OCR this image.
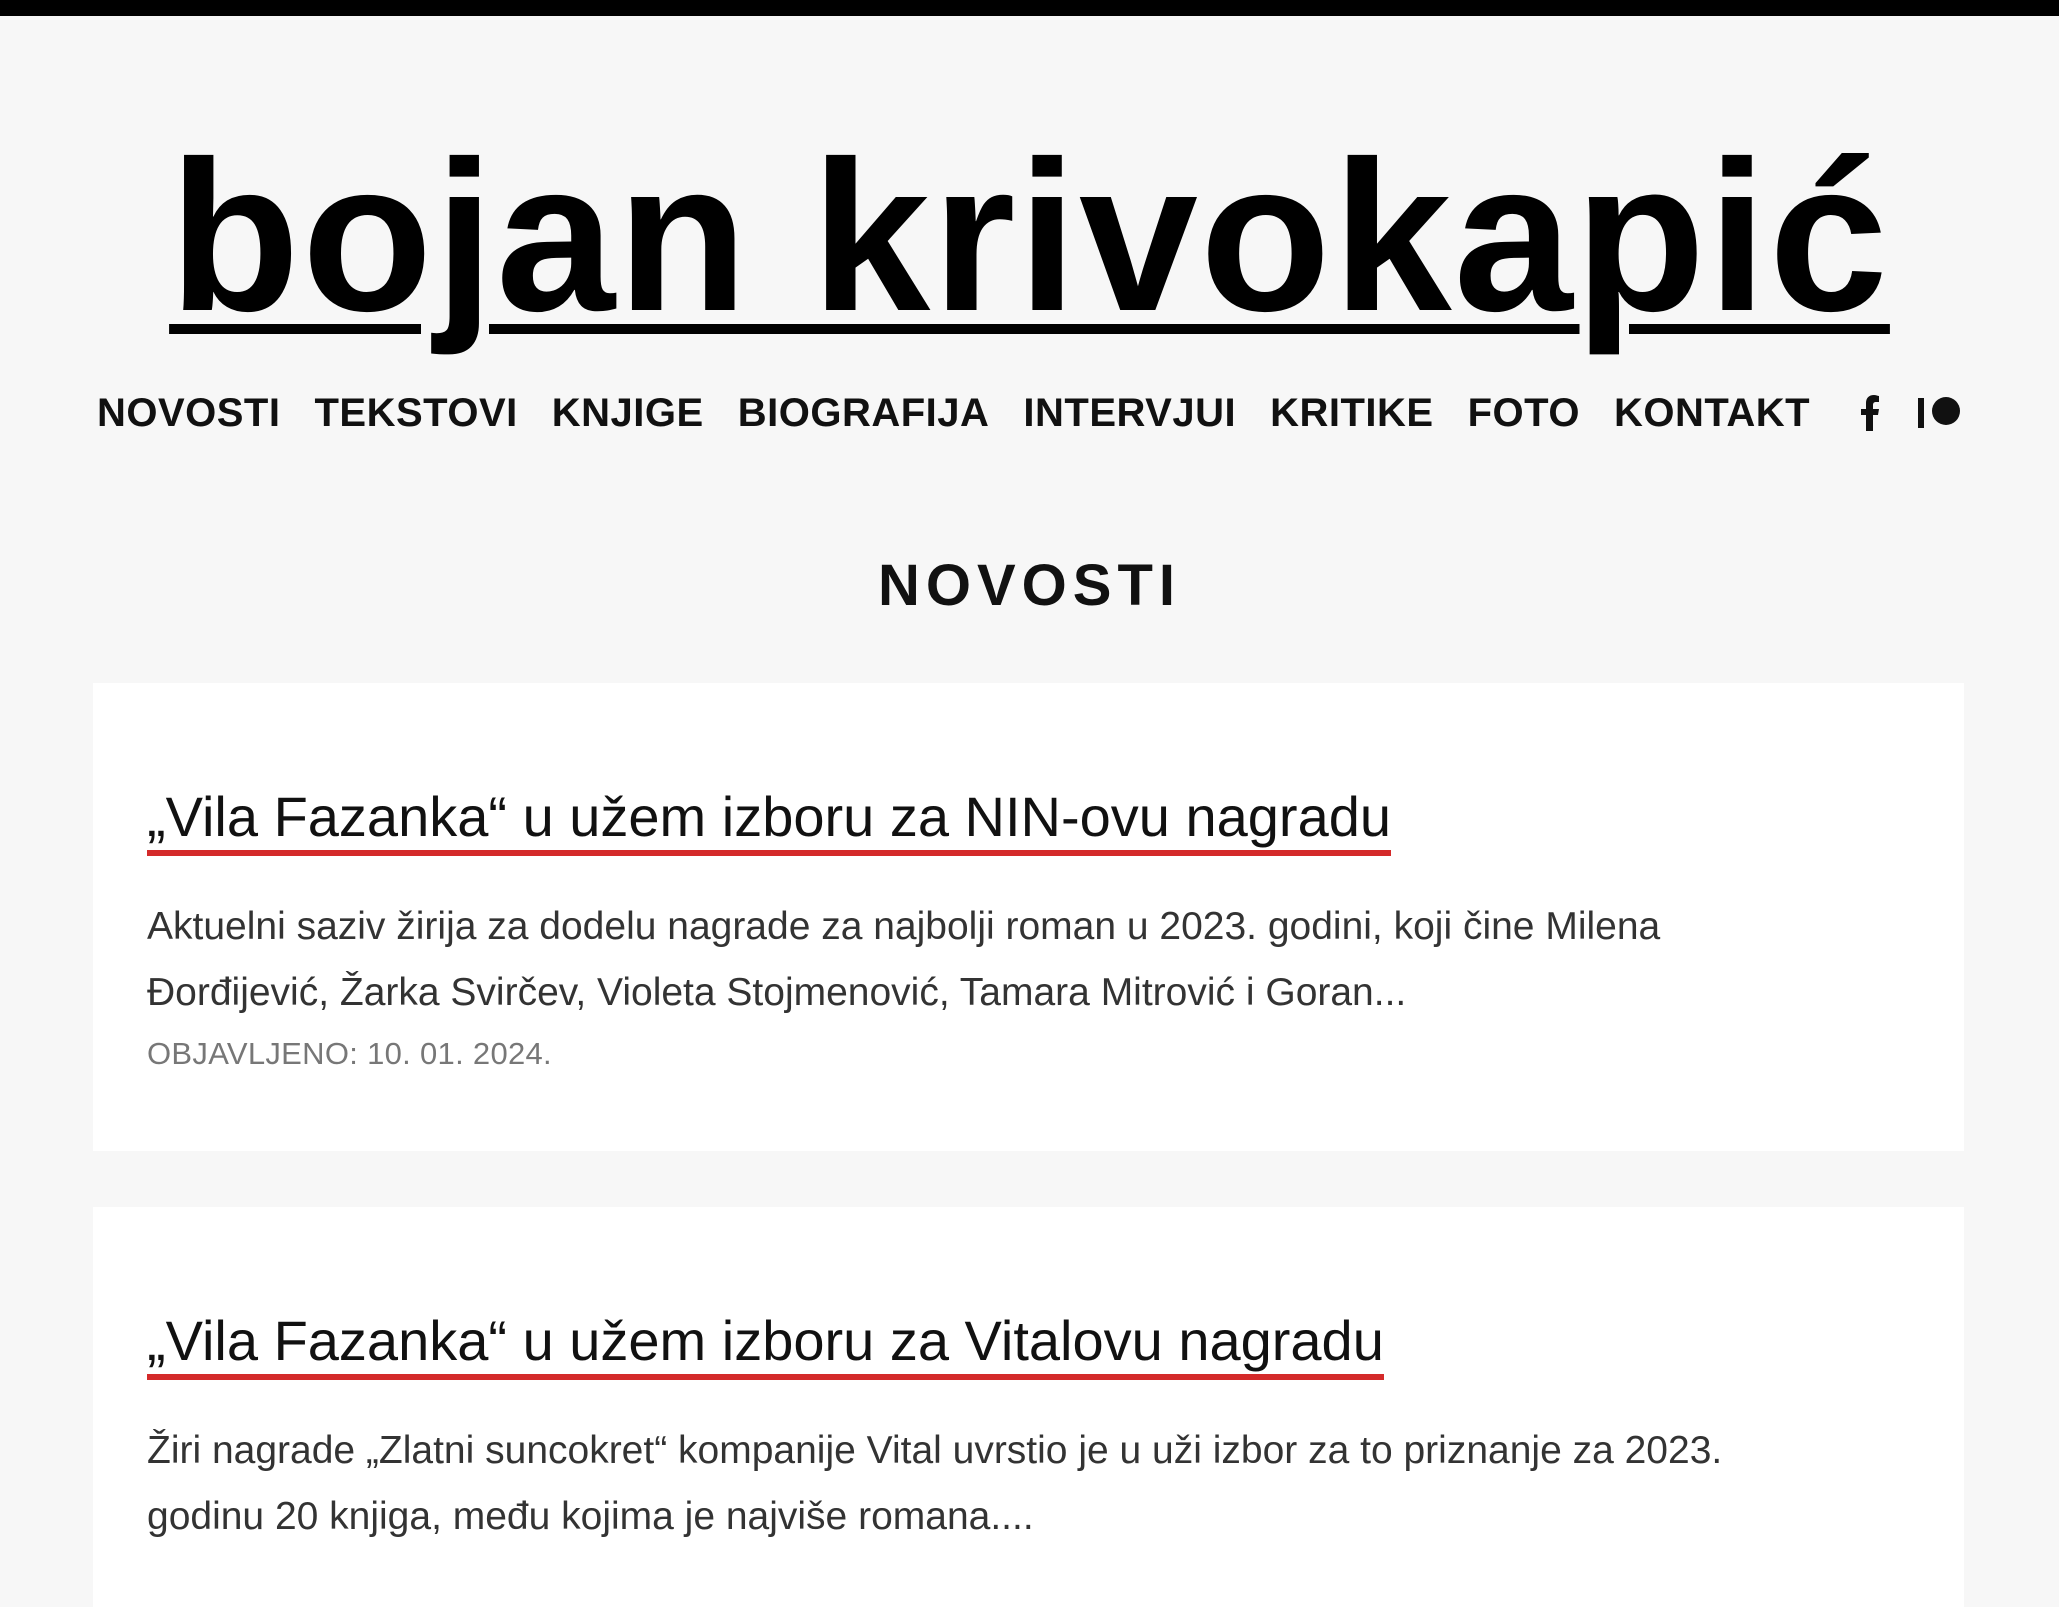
bojan krivokapić
NOVOSTI TEKSTOVI KNJIGE BIOGRAFIJA INTERVJUI KRITIKE FOTO KONTAKT
NOVOSTI
„Vila Fazanka“ u užem izboru za NIN-ovu nagradu

Aktuelni saziv žirija za dodelu nagrade za najbolji roman u 2023. godini, koji čine Milena Đorđijević, Žarka Svirčev, Violeta Stojmenović, Tamara Mitrović i Goran...

OBJAVLJENO: 10. 01. 2024.
„Vila Fazanka“ u užem izboru za Vitalovu nagradu

Žiri nagrade „Zlatni suncokret“ kompanije Vital uvrstio je u uži izbor za to priznanje za 2023. godinu 20 knjiga, među kojima je najviše romana....
